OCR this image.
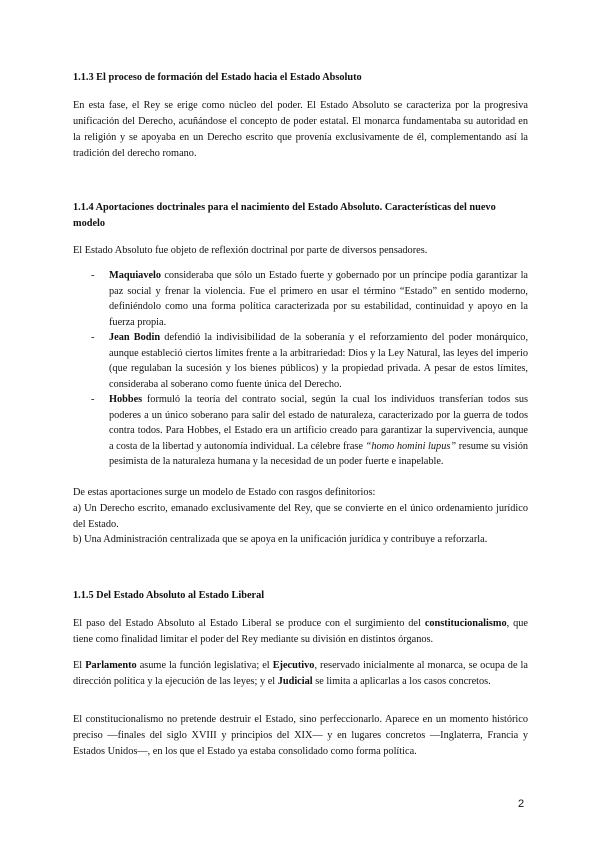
1.1.3 El proceso de formación del Estado hacia el Estado Absoluto
En esta fase, el Rey se erige como núcleo del poder. El Estado Absoluto se caracteriza por la progresiva unificación del Derecho, acuñándose el concepto de poder estatal. El monarca fundamentaba su autoridad en la religión y se apoyaba en un Derecho escrito que provenía exclusivamente de él, complementando así la tradición del derecho romano.
1.1.4 Aportaciones doctrinales para el nacimiento del Estado Absoluto. Características del nuevo modelo
El Estado Absoluto fue objeto de reflexión doctrinal por parte de diversos pensadores.
- Maquiavelo consideraba que sólo un Estado fuerte y gobernado por un príncipe podía garantizar la paz social y frenar la violencia. Fue el primero en usar el término “Estado” en sentido moderno, definiéndolo como una forma política caracterizada por su estabilidad, continuidad y apoyo en la fuerza propia.
- Jean Bodin defendió la indivisibilidad de la soberanía y el reforzamiento del poder monárquico, aunque estableció ciertos límites frente a la arbitrariedad: Dios y la Ley Natural, las leyes del imperio (que regulaban la sucesión y los bienes públicos) y la propiedad privada. A pesar de estos límites, consideraba al soberano como fuente única del Derecho.
- Hobbes formuló la teoría del contrato social, según la cual los individuos transferían todos sus poderes a un único soberano para salir del estado de naturaleza, caracterizado por la guerra de todos contra todos. Para Hobbes, el Estado era un artificio creado para garantizar la supervivencia, aunque a costa de la libertad y autonomía individual. La célebre frase “homo homini lupus” resume su visión pesimista de la naturaleza humana y la necesidad de un poder fuerte e inapelable.
De estas aportaciones surge un modelo de Estado con rasgos definitorios:
a) Un Derecho escrito, emanado exclusivamente del Rey, que se convierte en el único ordenamiento jurídico del Estado.
b) Una Administración centralizada que se apoya en la unificación jurídica y contribuye a reforzarla.
1.1.5 Del Estado Absoluto al Estado Liberal
El paso del Estado Absoluto al Estado Liberal se produce con el surgimiento del constitucionalismo, que tiene como finalidad limitar el poder del Rey mediante su división en distintos órganos.
El Parlamento asume la función legislativa; el Ejecutivo, reservado inicialmente al monarca, se ocupa de la dirección política y la ejecución de las leyes; y el Judicial se limita a aplicarlas a los casos concretos.
El constitucionalismo no pretende destruir el Estado, sino perfeccionarlo. Aparece en un momento histórico preciso —finales del siglo XVIII y principios del XIX— y en lugares concretos —Inglaterra, Francia y Estados Unidos—, en los que el Estado ya estaba consolidado como forma política.
2
